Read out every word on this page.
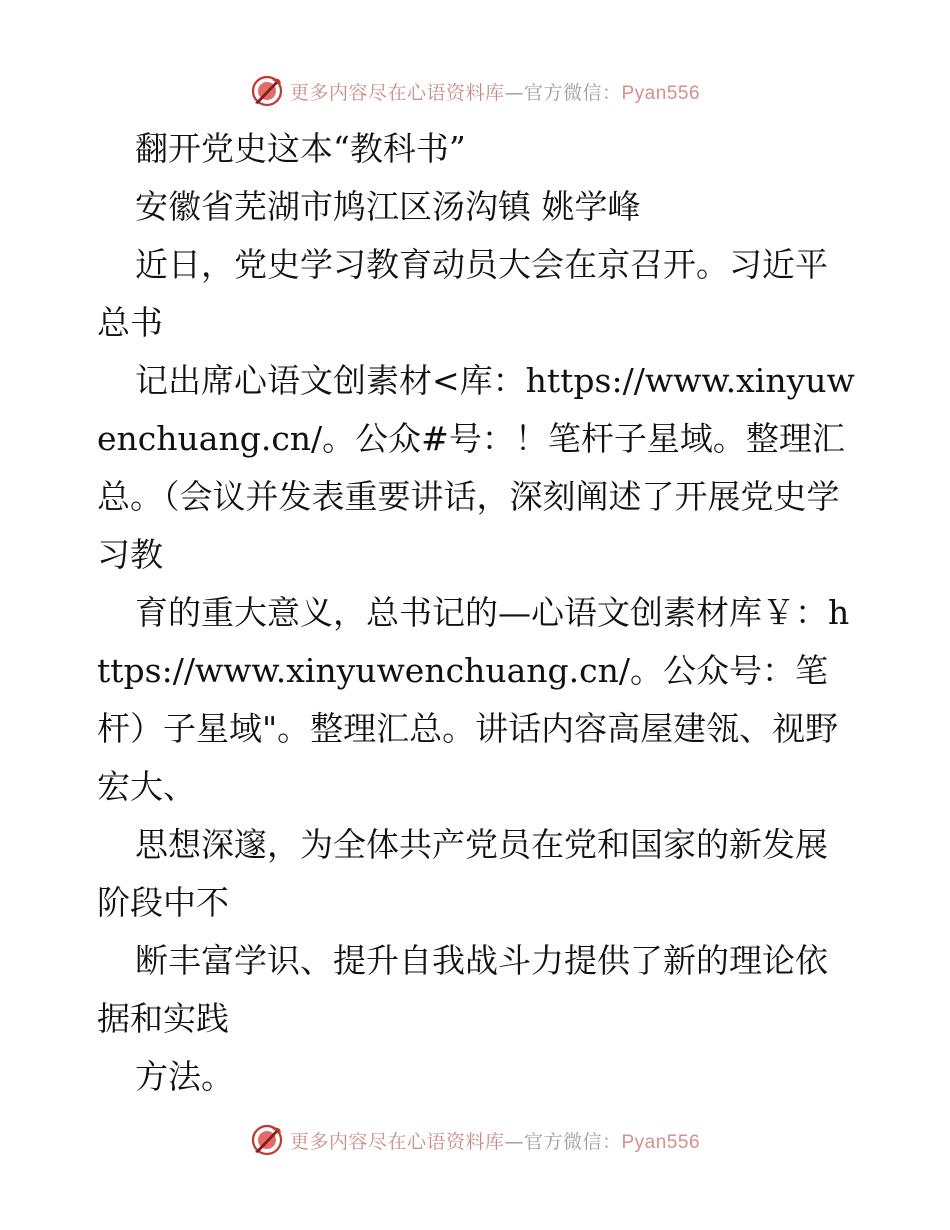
更多内容尽在心语资料库—官方微信：Pyan556

翻开党史这本“教科书”

安徽省芜湖市鸠江区汤沟镇 姚学峰

近日，党史学习教育动员大会在京召开。习近平总书

记出席心语文创素材<库：https://www.xinyuwenchuang.cn/。公众#号：！笔杆子星域。整理汇总。（会议并发表重要讲话，深刻阐述了开展党史学习教

育的重大意义，总书记的—心语文创素材库￥：https://www.xinyuwenchuang.cn/。公众号：笔杆）子星域"。整理汇总。讲话内容高屋建瓴、视野宏大、

思想深邃，为全体共产党员在党和国家的新发展阶段中不

断丰富学识、提升自我战斗力提供了新的理论依据和实践

方法。

更多内容尽在心语资料库—官方微信：Pyan556
